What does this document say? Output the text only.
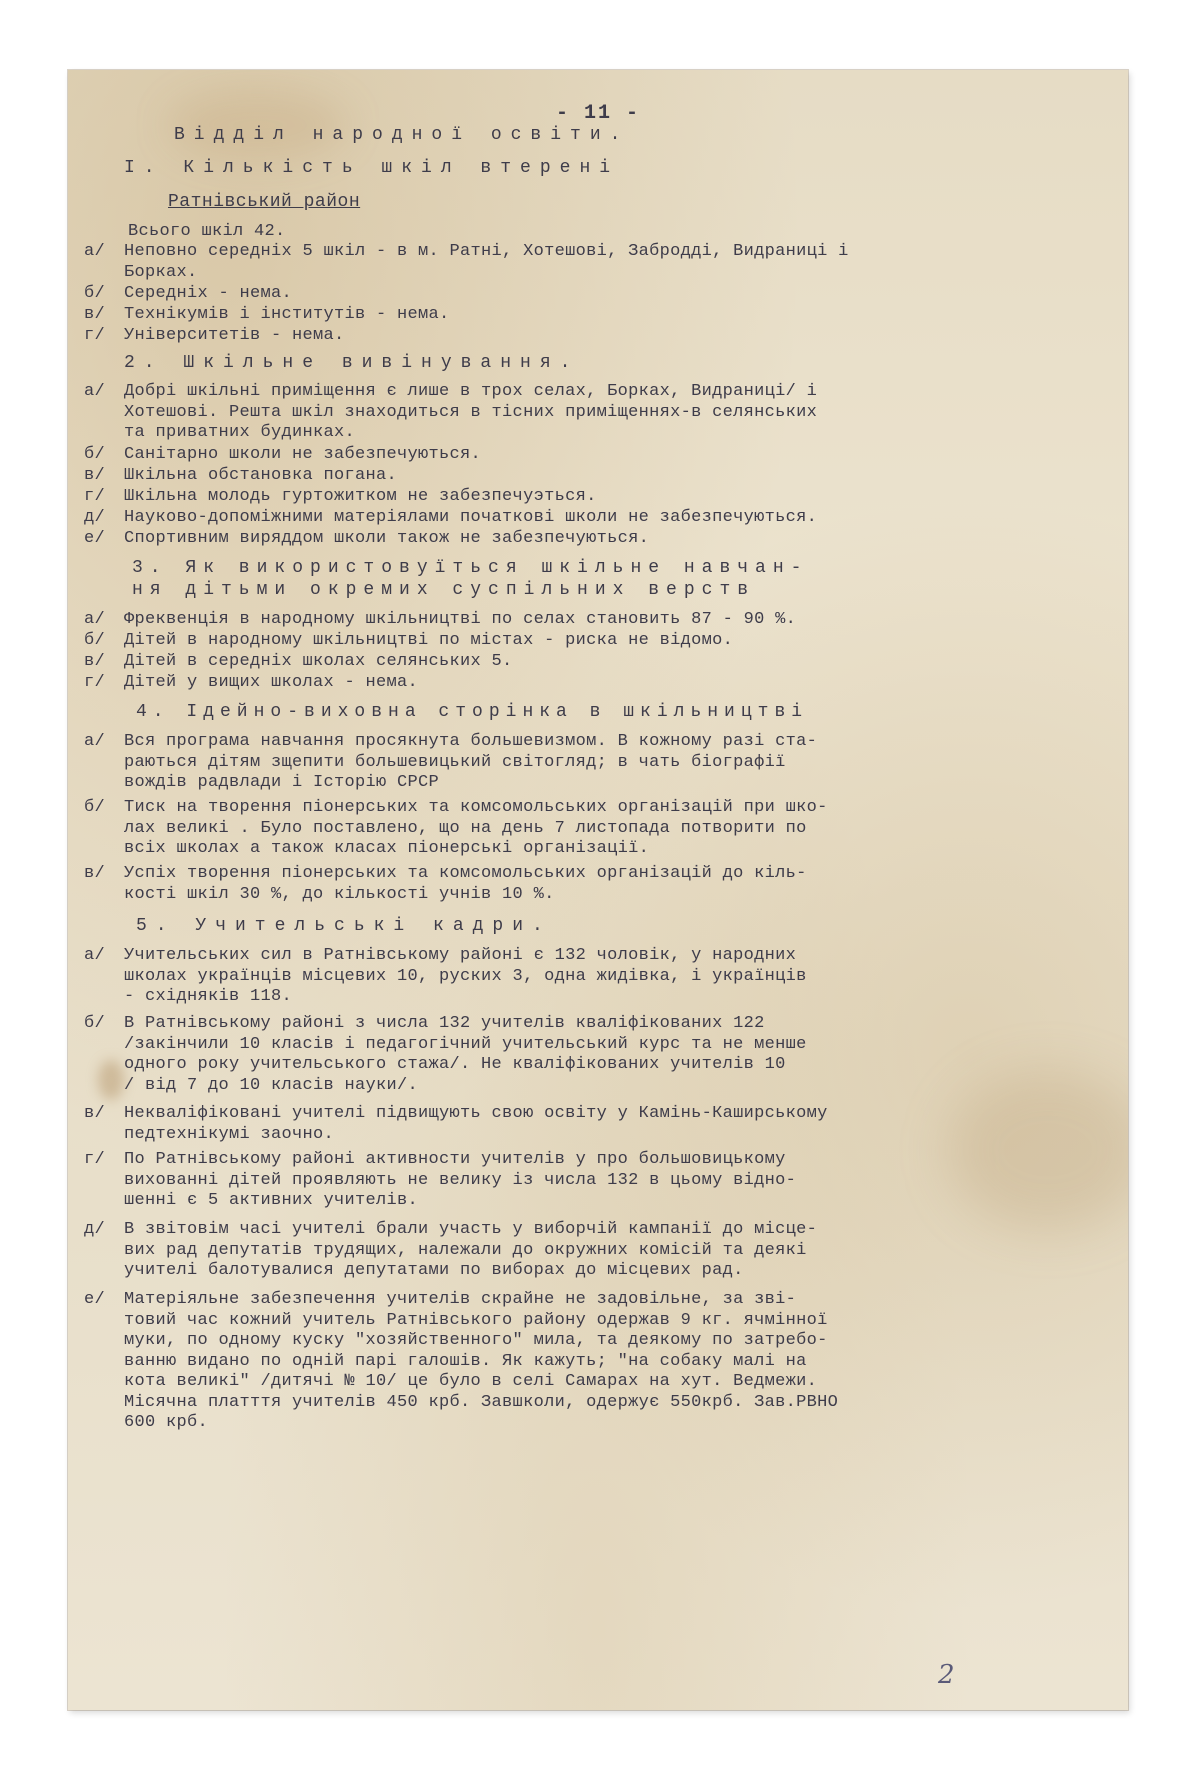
- 11 -
Відділ народної освіти.
I. Кількість шкіл втерені
Ратнівський район
Всього шкіл 42.
а/	Неповно середніх 5 шкіл - в м. Ратні, Хотешові, Забродді, Видраниці і
Борках.
б/	Середніх - нема.
в/	Технікумів і інститутів - нема.
г/	Університетів - нема.
2. Шкільне вивінування.
а/	Добрі шкільні приміщення є лише в трох селах, Борках, Видраниці/ і
Хотешові. Решта шкіл знаходиться в тісних приміщеннях-в селянських
та приватних будинках.
б/	Санітарно школи не забезпечуються.
в/	Шкільна обстановка погана.
г/	Шкільна молодь гуртожитком не забезпечуэться.
д/	Науково-допоміжними матеріялами початкові школи не забезпечуються.
е/	Спортивним виряддом школи також не забезпечуються.
3. Як використовуїться шкільне навчан-
ня дітьми окремих суспільних верств
а/	Фреквенція в народному шкільництві по селах становить 87 - 90 %.
б/	Дітей в народному шкільництві по містах - риска не відомо.
в/	Дітей в середніх школах селянських 5.
г/	Дітей у вищих школах - нема.
4. Ідейно-виховна сторінка в шкільництві
а/	Вся програма навчання просякнута большевизмом. В кожному разі ста-
раються дітям зщепити большевицький світогляд; в чать біографії
вождів радвлади і Історію СРСР
б/	Тиск на творення піонерських та комсомольських організацій при шко-
лах великі . Було поставлено, що на день 7 листопада потворити по
всіх школах а також класах піонерські організації.
в/	Успіх творення піонерських та комсомольських організацій до кіль-
кості шкіл 30 %, до кількості учнів 10 %.
5. Учительські кадри.
а/	Учительських сил в Ратнівському районі є 132 чоловік, у народних
школах українців місцевих 10, руских 3, одна жидівка, і українців
- східняків 118.
б/	В Ратнівському районі з числа 132 учителів кваліфікованих 122
/закінчили 10 класів і педагогічний учительський курс та не менше
одного року учительського стажа/. Не кваліфікованих учителів 10
/ від 7 до 10 класів науки/.
в/	Некваліфіковані учителі підвищують свою освіту у Камінь-Каширському
педтехнікумі заочно.
г/	По Ратнівському районі активности учителів у про большовицькому
вихованні дітей проявляють не велику із числа 132 в цьому відно-
шенні є 5 активних учителів.
д/	В звітовім часі учителі брали участь у виборчій кампанії до місце-
вих рад депутатів трудящих, належали до окружних комісій та деякі
учителі балотувалися депутатами по виборах до місцевих рад.
е/	Матеріяльне забезпечення учителів скрайне не задовільне, за зві-
товий час кожний учитель Ратнівського району одержав 9 кг. ячмінної
муки, по одному куску "хозяйственного" мила, та деякому по затребо-
ванню видано по одній парі галошів. Як кажуть; "на собаку малі на
кота великі" /дитячі № 10/ це було в селі Самарах на хут. Ведмежи.
Місячна платття учителів 450 крб. Завшколи, одержує 550крб. Зав.РВНО
600 крб.
2
